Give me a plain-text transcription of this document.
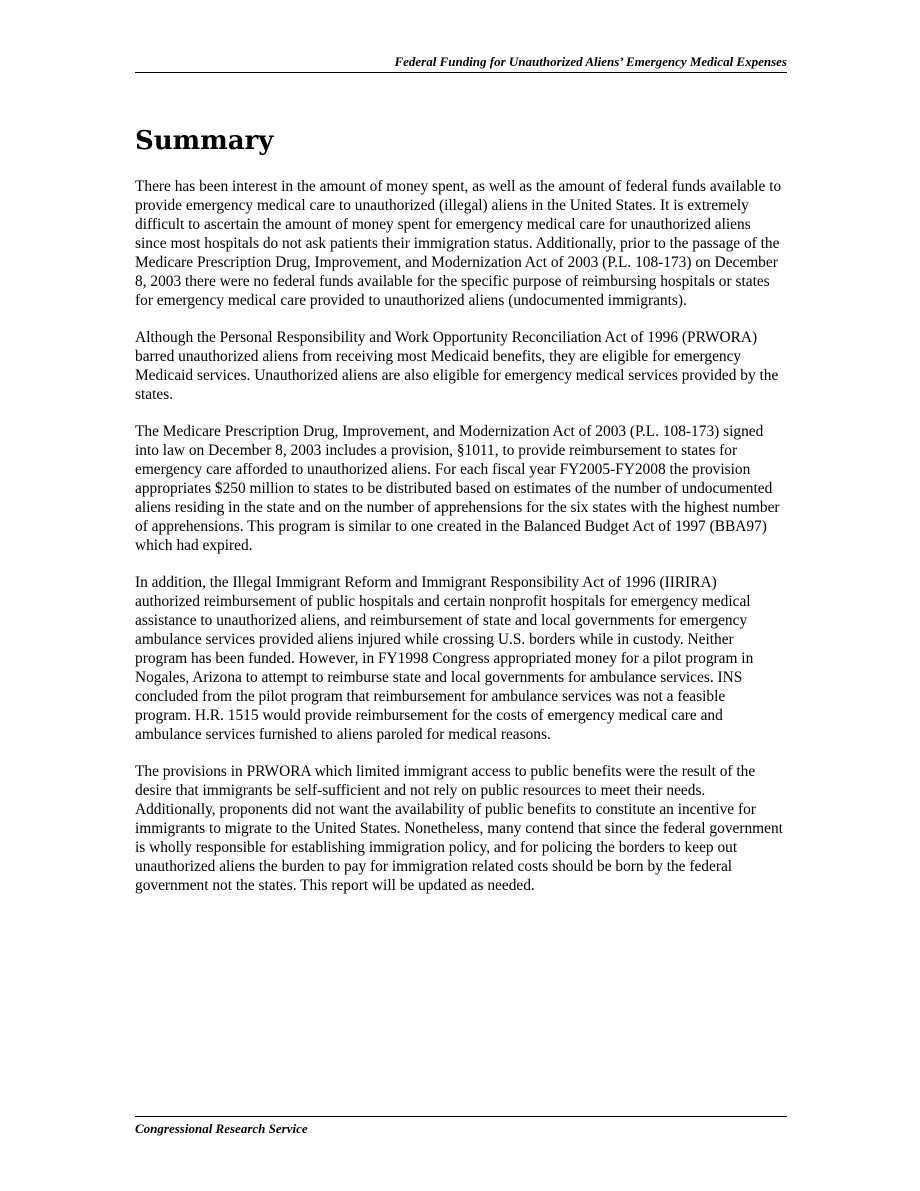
Federal Funding for Unauthorized Aliens’ Emergency Medical Expenses
Summary

There has been interest in the amount of money spent, as well as the amount of federal funds available to provide emergency medical care to unauthorized (illegal) aliens in the United States. It is extremely difficult to ascertain the amount of money spent for emergency medical care for unauthorized aliens since most hospitals do not ask patients their immigration status. Additionally, prior to the passage of the Medicare Prescription Drug, Improvement, and Modernization Act of 2003 (P.L. 108-173) on December 8, 2003 there were no federal funds available for the specific purpose of reimbursing hospitals or states for emergency medical care provided to unauthorized aliens (undocumented immigrants).

Although the Personal Responsibility and Work Opportunity Reconciliation Act of 1996 (PRWORA) barred unauthorized aliens from receiving most Medicaid benefits, they are eligible for emergency Medicaid services. Unauthorized aliens are also eligible for emergency medical services provided by the states.

The Medicare Prescription Drug, Improvement, and Modernization Act of 2003 (P.L. 108-173) signed into law on December 8, 2003 includes a provision, §1011, to provide reimbursement to states for emergency care afforded to unauthorized aliens. For each fiscal year FY2005-FY2008 the provision appropriates $250 million to states to be distributed based on estimates of the number of undocumented aliens residing in the state and on the number of apprehensions for the six states with the highest number of apprehensions. This program is similar to one created in the Balanced Budget Act of 1997 (BBA97) which had expired.

In addition, the Illegal Immigrant Reform and Immigrant Responsibility Act of 1996 (IIRIRA) authorized reimbursement of public hospitals and certain nonprofit hospitals for emergency medical assistance to unauthorized aliens, and reimbursement of state and local governments for emergency ambulance services provided aliens injured while crossing U.S. borders while in custody. Neither program has been funded. However, in FY1998 Congress appropriated money for a pilot program in Nogales, Arizona to attempt to reimburse state and local governments for ambulance services. INS concluded from the pilot program that reimbursement for ambulance services was not a feasible program. H.R. 1515 would provide reimbursement for the costs of emergency medical care and ambulance services furnished to aliens paroled for medical reasons.

The provisions in PRWORA which limited immigrant access to public benefits were the result of the desire that immigrants be self-sufficient and not rely on public resources to meet their needs. Additionally, proponents did not want the availability of public benefits to constitute an incentive for immigrants to migrate to the United States. Nonetheless, many contend that since the federal government is wholly responsible for establishing immigration policy, and for policing the borders to keep out unauthorized aliens the burden to pay for immigration related costs should be born by the federal government not the states. This report will be updated as needed.

Congressional Research Service
